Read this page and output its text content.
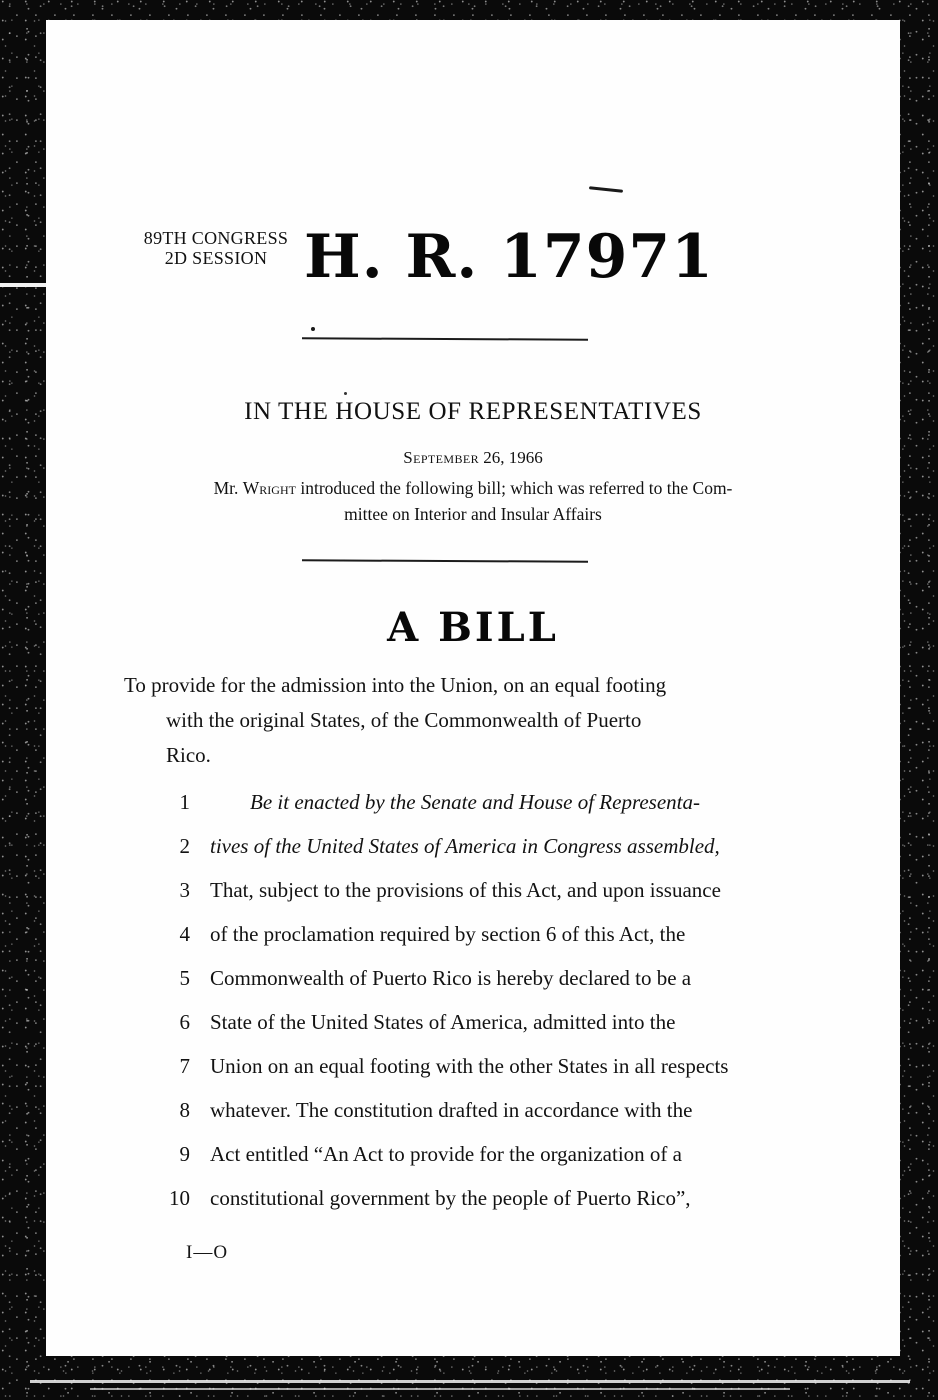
89TH CONGRESS
2D SESSION H. R. 17971
IN THE HOUSE OF REPRESENTATIVES
September 26, 1966
Mr. Wright introduced the following bill; which was referred to the Com-
mittee on Interior and Insular Affairs
A BILL
To provide for the admission into the Union, on an equal footing
with the original States, of the Commonwealth of Puerto
Rico.
1	Be it enacted by the Senate and House of Representa-
2 tives of the United States of America in Congress assembled,
3 That, subject to the provisions of this Act, and upon issuance
4 of the proclamation required by section 6 of this Act, the
5 Commonwealth of Puerto Rico is hereby declared to be a
6 State of the United States of America, admitted into the
7 Union on an equal footing with the other States in all respects
8 whatever. The constitution drafted in accordance with the
9 Act entitled “An Act to provide for the organization of a
10 constitutional government by the people of Puerto Rico”,
I—O
